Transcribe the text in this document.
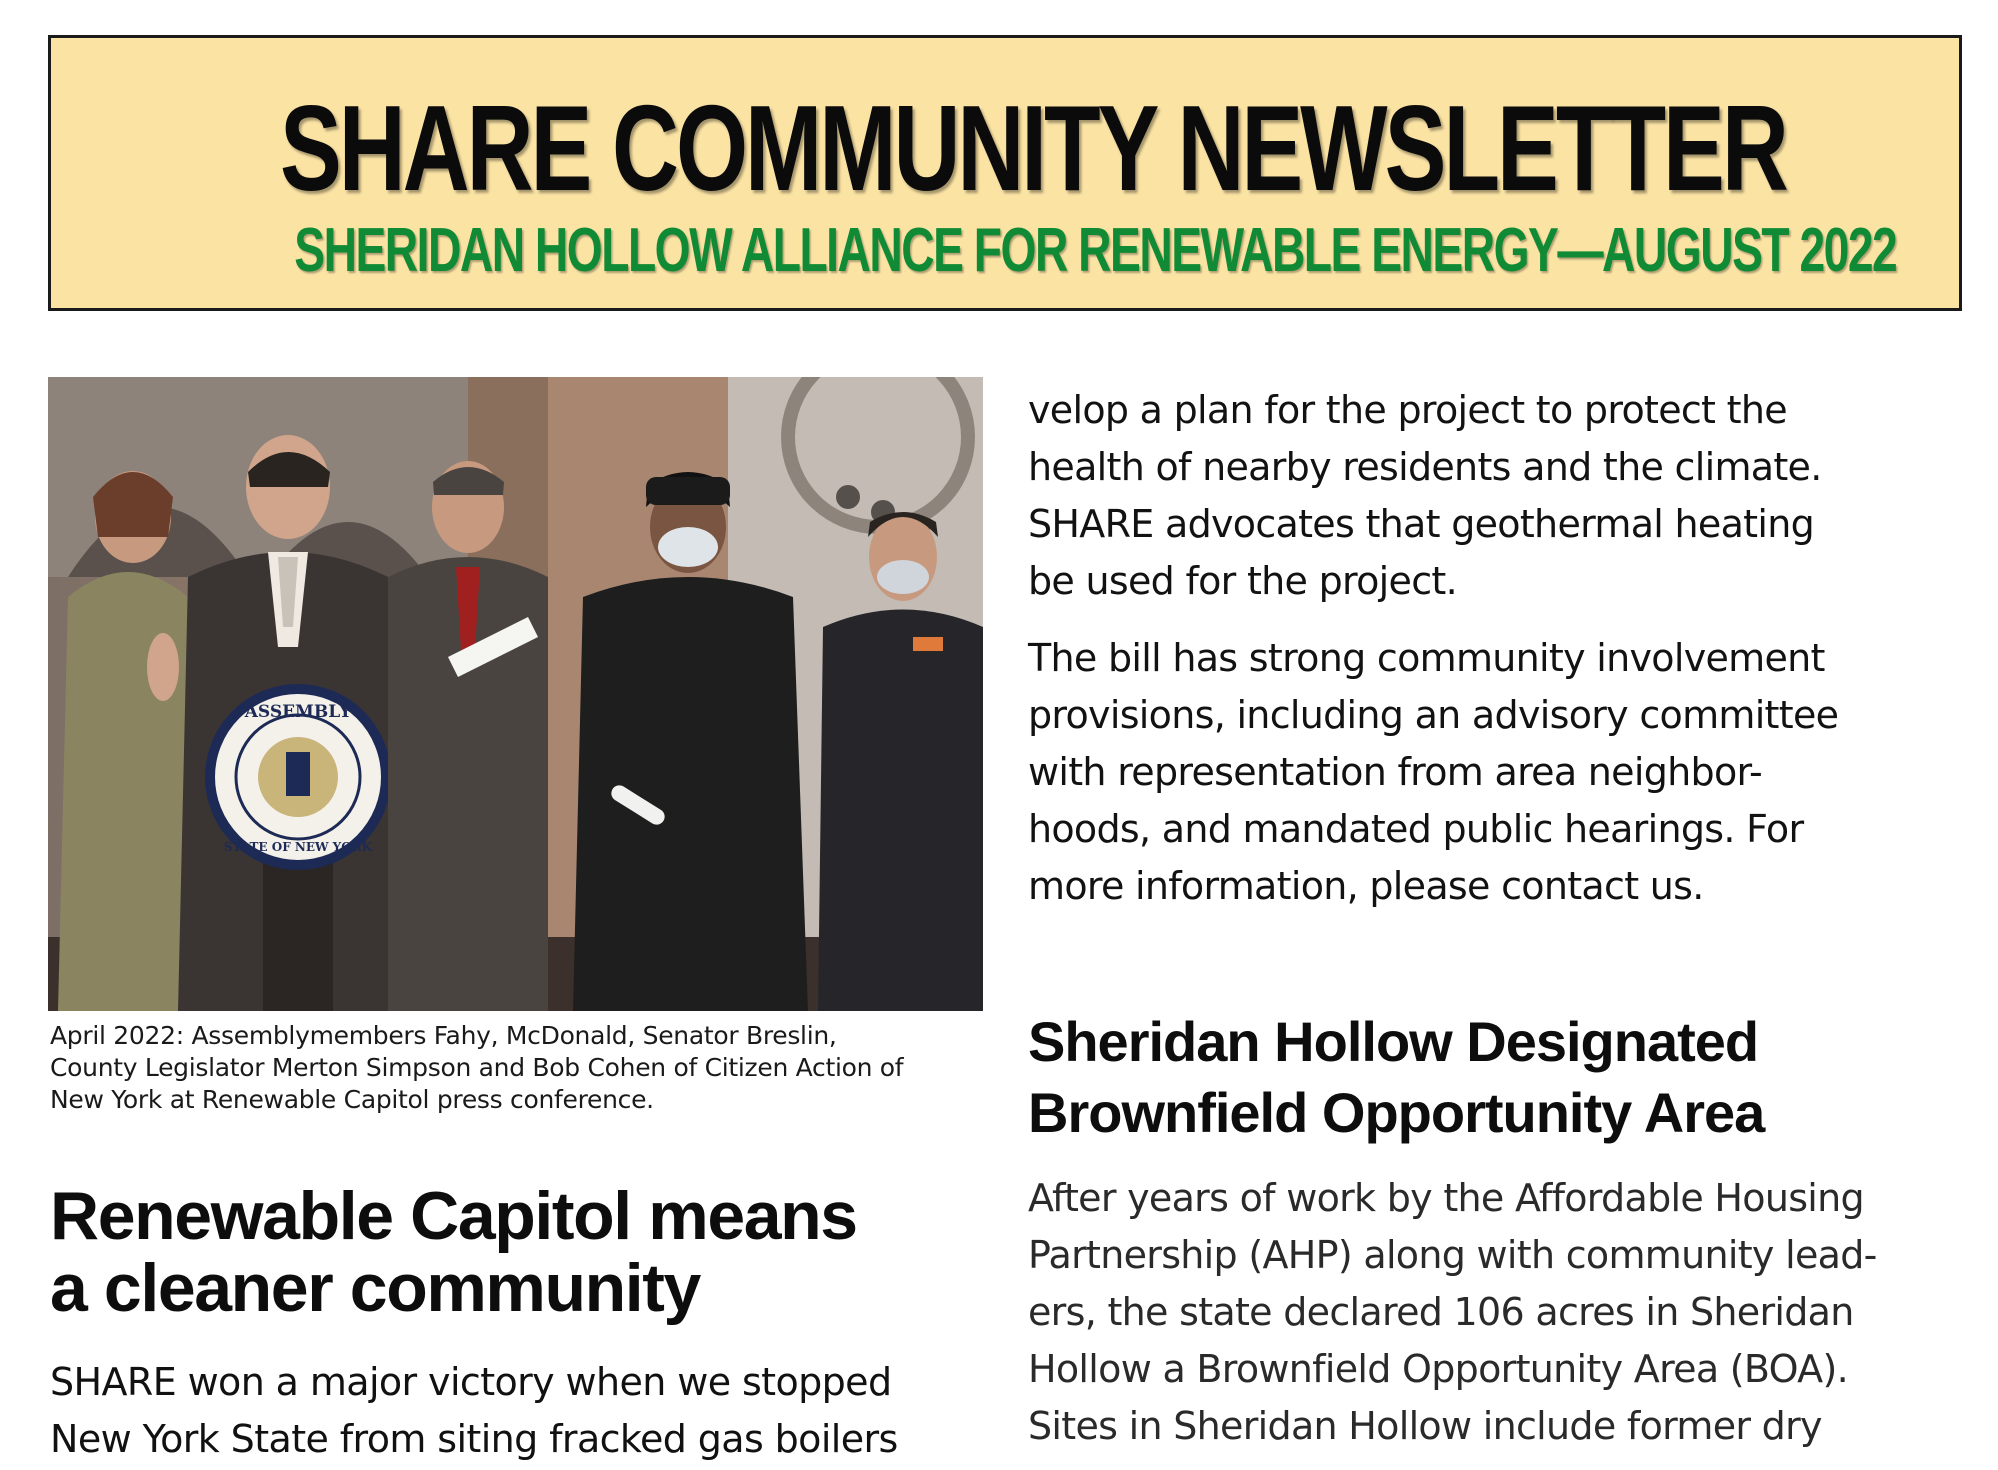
SHARE COMMUNITY NEWSLETTER
SHERIDAN HOLLOW ALLIANCE FOR RENEWABLE ENERGY—AUGUST 2022
ASSEMBLY
STATE OF NEW YORK
April 2022: Assemblymembers Fahy, McDonald, Senator Breslin,
County Legislator Merton Simpson and Bob Cohen of Citizen Action of
New York at Renewable Capitol press conference.
Renewable Capitol means
a cleaner community
SHARE won a major victory when we stopped
New York State from siting fracked gas boilers

velop a plan for the project to protect the
health of nearby residents and the climate.
SHARE advocates that geothermal heating
be used for the project.

The bill has strong community involvement
provisions, including an advisory committee
with representation from area neighbor-
hoods, and mandated public hearings. For
more information, please contact us.

Sheridan Hollow Designated
Brownfield Opportunity Area
After years of work by the Affordable Housing
Partnership (AHP) along with community lead-
ers, the state declared 106 acres in Sheridan
Hollow a Brownfield Opportunity Area (BOA).
Sites in Sheridan Hollow include former dry
